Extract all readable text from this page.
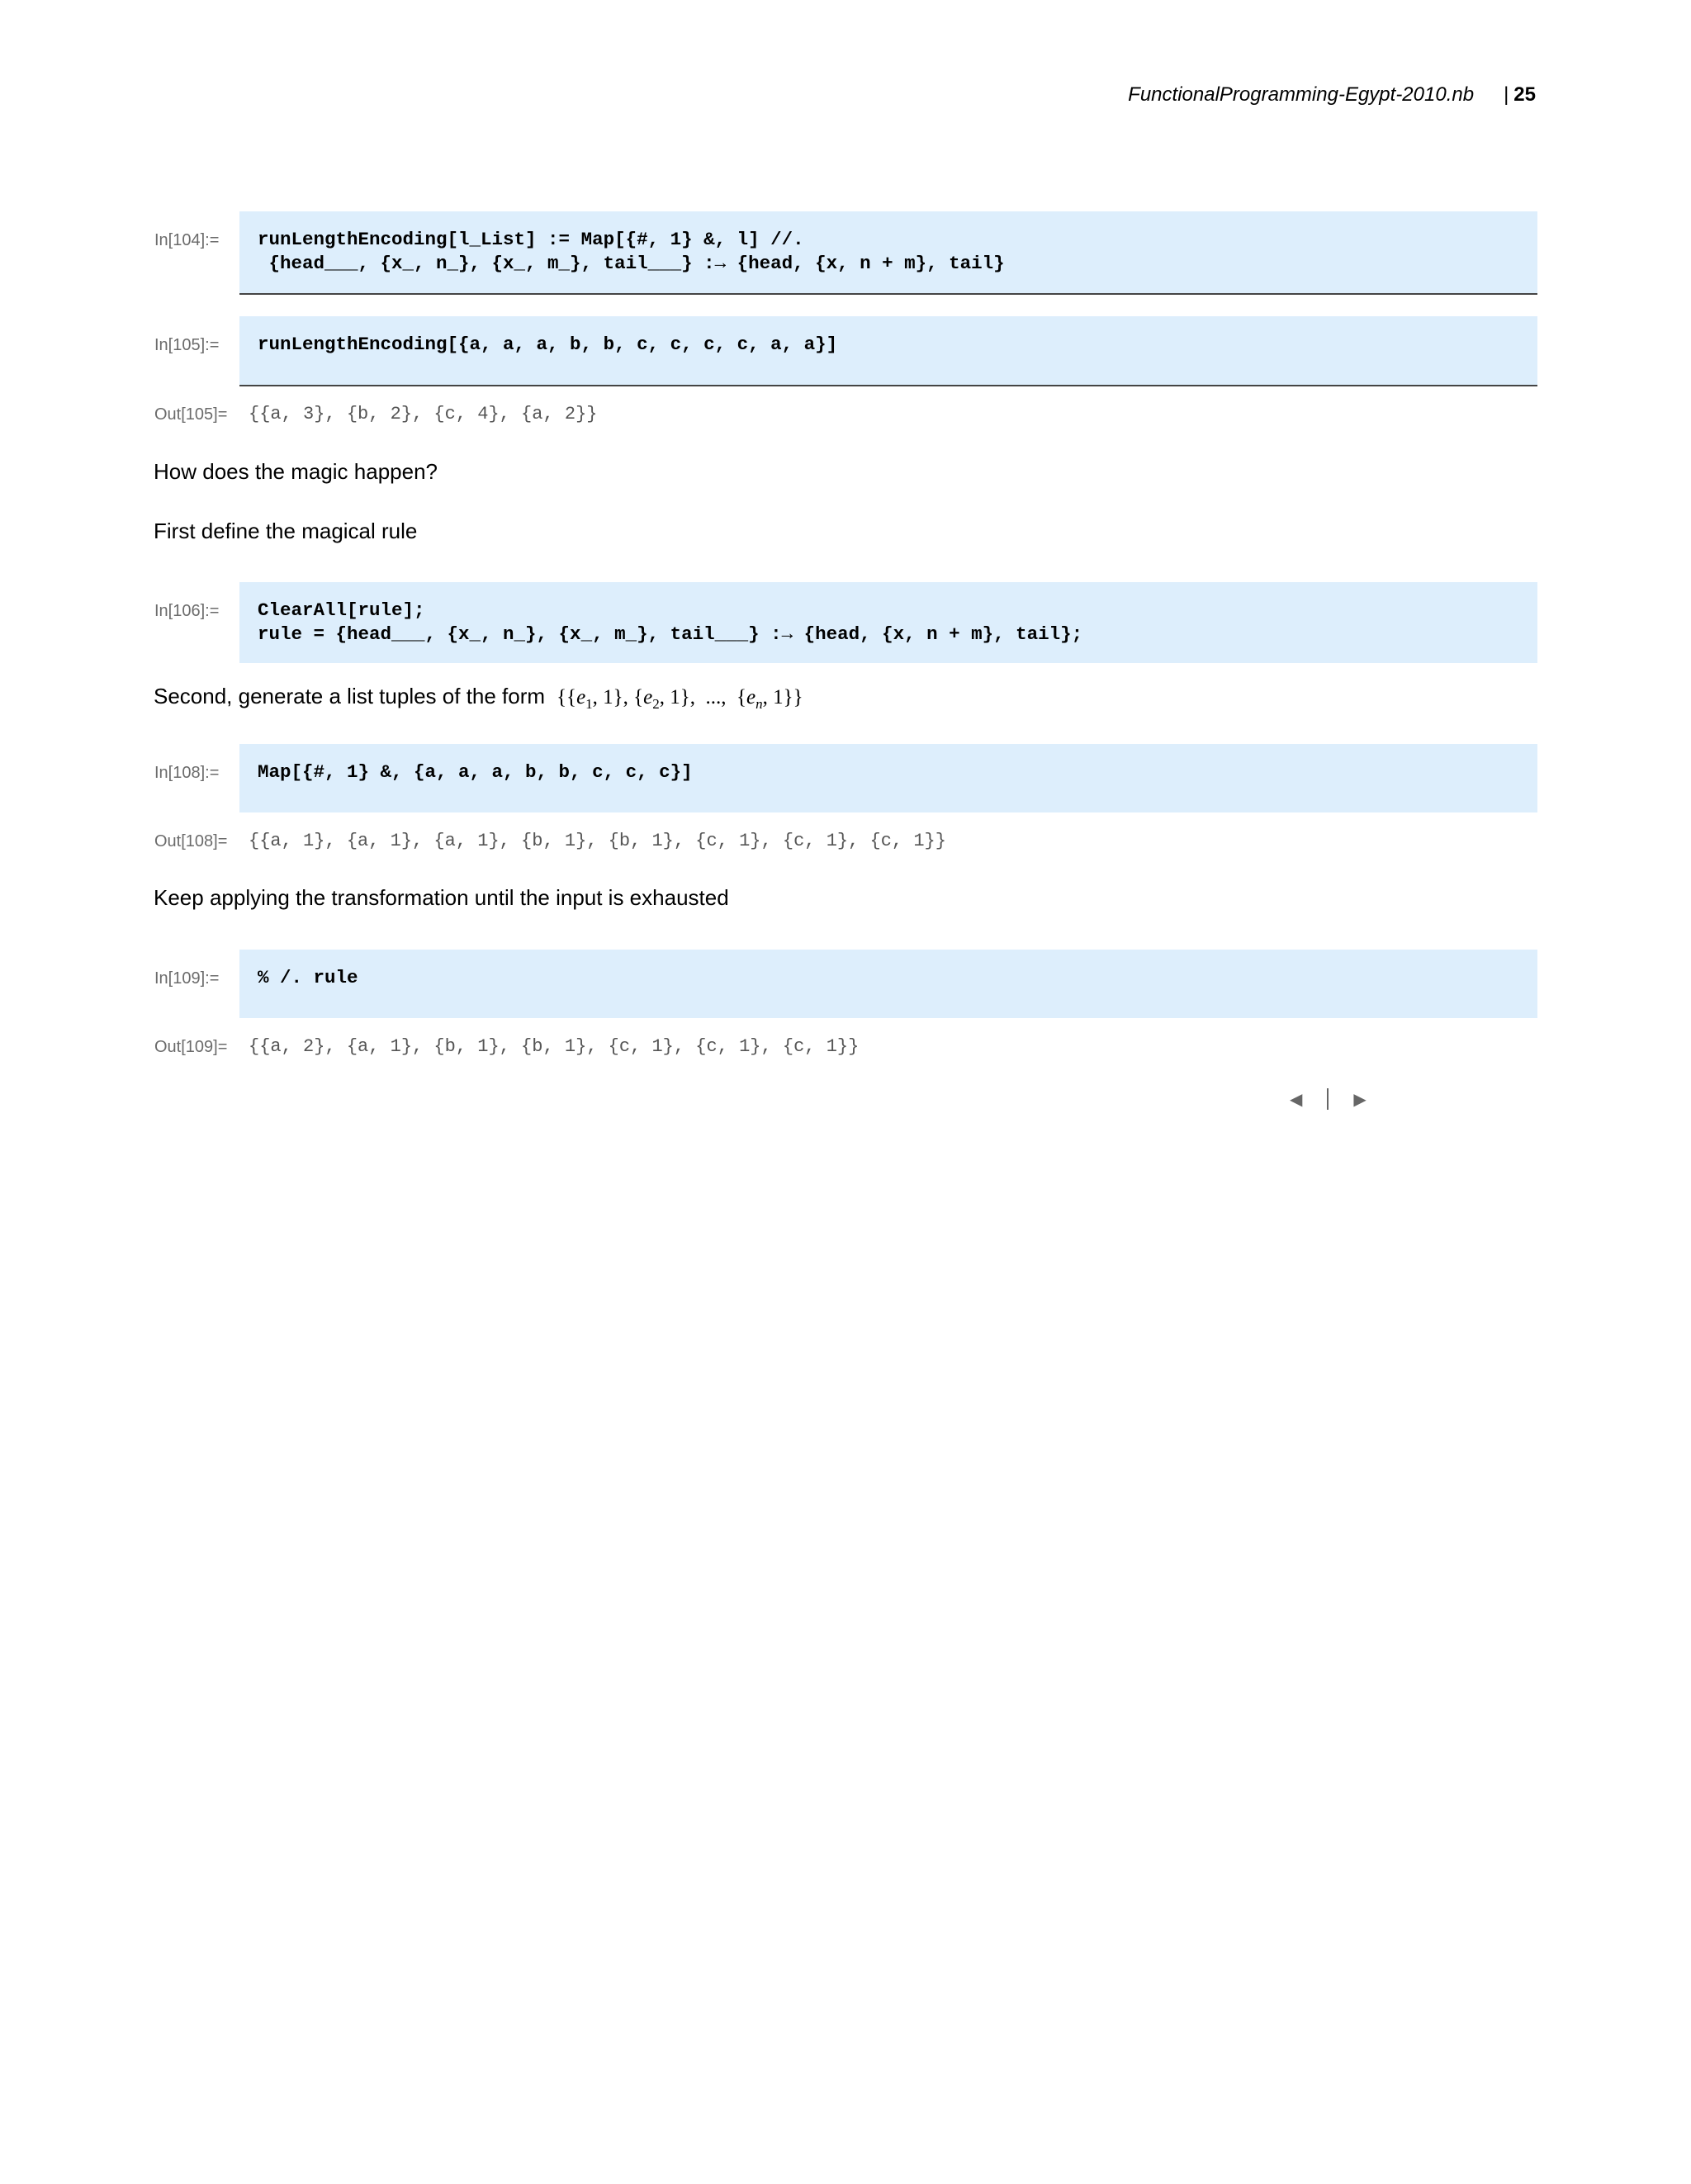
FunctionalProgramming-Egypt-2010.nb | 25
In[104]:= runLengthEncoding[l_List] := Map[{#, 1} &, l] //.
{head___, {x_, n_}, {x_, m_}, tail___} :→ {head, {x, n + m}, tail}
In[105]:= runLengthEncoding[{a, a, a, b, b, c, c, c, c, a, a}]
Out[105]= {{a, 3}, {b, 2}, {c, 4}, {a, 2}}
How does the magic happen?
First define the magical rule
In[106]:= ClearAll[rule];
rule = {head___, {x_, n_}, {x_, m_}, tail___} :→ {head, {x, n + m}, tail};
Second, generate a list tuples of the form {{$e_1$, 1}, {$e_2$, 1},  ...,  {$e_n$, 1}}
In[108]:= Map[{#, 1} &, {a, a, a, b, b, c, c, c}]
Out[108]= {{a, 1}, {a, 1}, {a, 1}, {b, 1}, {b, 1}, {c, 1}, {c, 1}, {c, 1}}
Keep applying the transformation until the input is exhausted
In[109]:= % /. rule
Out[109]= {{a, 2}, {a, 1}, {b, 1}, {b, 1}, {c, 1}, {c, 1}, {c, 1}}
◀	▶
